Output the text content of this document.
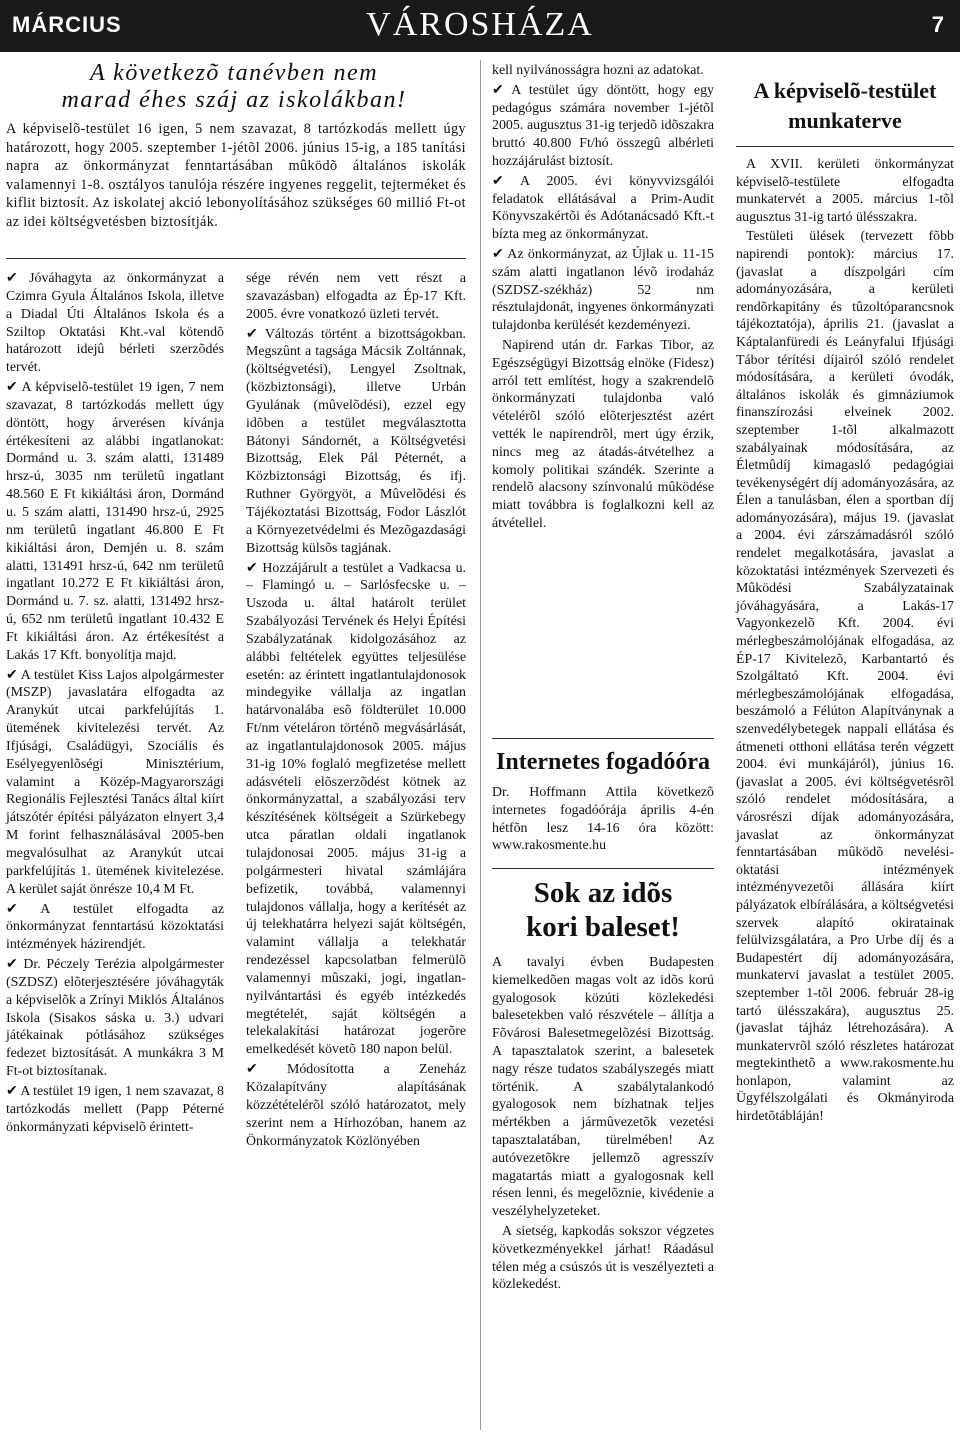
MÁRCIUS	VÁROSHÁZA	7
A következõ tanévben nem
marad éhes száj az iskolákban!

A képviselõ-testület 16 igen, 5 nem szavazat, 8 tartózkodás mellett úgy határozott, hogy 2005. szeptember 1-jétõl 2006. június 15-ig, a 185 tanítási napra az önkormányzat fenntartásában mûködõ általános iskolák valamennyi 1-8. osztályos tanulója részére ingyenes reggelit, tejterméket és kiflit biztosít. Az iskolatej akció lebonyolításához szükséges 60 millió Ft-ot az idei költségvetésben biztosítják.

✔ Jóváhagyta az önkormányzat a Czimra Gyula Általános Iskola, illetve a Diadal Úti Általános Iskola és a Sziltop Oktatási Kht.-val kötendõ határozott idejû bérleti szerzõdés tervét.

✔ A képviselõ-testület 19 igen, 7 nem szavazat, 8 tartózkodás mellett úgy döntött, hogy árverésen kívánja értékesíteni az alábbi ingatlanokat: Dormánd u. 3. szám alatti, 131489 hrsz-ú, 3035 nm területû ingatlant 48.560 E Ft kikiáltási áron, Dormánd u. 5 szám alatti, 131490 hrsz-ú, 2925 nm területû ingatlant 46.800 E Ft kikiáltási áron, Demjén u. 8. szám alatti, 131491 hrsz-ú, 642 nm területû ingatlant 10.272 E Ft kikiáltási áron, Dormánd u. 7. sz. alatti, 131492 hrsz-ú, 652 nm területû ingatlant 10.432 E Ft kikiáltási áron. Az értékesítést a Lakás 17 Kft. bonyolítja majd.

✔ A testület Kiss Lajos alpolgármester (MSZP) javaslatára elfogadta az Aranykút utcai parkfelújítás 1. ütemének kivitelezési tervét. Az Ifjúsági, Családügyi, Szociális és Esélyegyenlõségi Minisztérium, valamint a Közép-Magyarországi Regionális Fejlesztési Tanács által kiírt játszótér építési pályázaton elnyert 3,4 M forint felhasználásával 2005-ben megvalósulhat az Aranykút utcai parkfelújítás 1. ütemének kivitelezése. A kerület saját önrésze 10,4 M Ft.

✔ A testület elfogadta az önkormányzat fenntartású közoktatási intézmények házirendjét.

✔ Dr. Péczely Terézia alpolgármester (SZDSZ) elõterjesztésére jóváhagyták a képviselõk a Zrínyi Miklós Általános Iskola (Sisakos sáska u. 3.) udvari játékainak pótlásához szükséges fedezet biztosítását. A munkákra 3 M Ft-ot biztosítanak.

✔ A testület 19 igen, 1 nem szavazat, 8 tartózkodás mellett (Papp Péterné önkormányzati képviselõ érintett-

sége révén nem vett részt a szavazásban) elfogadta az Ép-17 Kft. 2005. évre vonatkozó üzleti tervét.

✔ Változás történt a bizottságokban. Megszûnt a tagsága Mácsik Zoltánnak, (költségvetési), Lengyel Zsoltnak, (közbiztonsági), illetve Urbán Gyulának (mûvelõdési), ezzel egy idõben a testület megválasztotta Bátonyi Sándornét, a Költségvetési Bizottság, Elek Pál Péternét, a Közbiztonsági Bizottság, és ifj. Ruthner Györgyöt, a Mûvelõdési és Tájékoztatási Bizottság, Fodor Lászlót a Környezetvédelmi és Mezõgazdasági Bizottság külsõs tagjának.

✔ Hozzájárult a testület a Vadkacsa u. – Flamingó u. – Sarlósfecske u. – Uszoda u. által határolt terület Szabályozási Tervének és Helyi Építési Szabályzatának kidolgozásához az alábbi feltételek együttes teljesülése esetén: az érintett ingatlantulajdonosok mindegyike vállalja az ingatlan határvonalába esõ földterület 10.000 Ft/nm vételáron történõ megvásárlását, az ingatlantulajdonosok 2005. május 31-ig 10% foglaló megfizetése mellett adásvételi elõszerzõdést kötnek az önkormányzattal, a szabályozási terv készítésének költségeit a Szürkebegy utca páratlan oldali ingatlanok tulajdonosai 2005. május 31-ig a polgármesteri hivatal számlájára befizetik, továbbá, valamennyi tulajdonos vállalja, hogy a kerítését az új telekhatárra helyezi saját költségén, valamint vállalja a telekhatár rendezéssel kapcsolatban felmerülõ valamennyi mûszaki, jogi, ingatlan-nyilvántartási és egyéb intézkedés megtételét, saját költségén a telekalakítási határozat jogerõre emelkedését követõ 180 napon belül.

✔ Módosította a Zeneház Közalapítvány alapításának közzétételérõl szóló határozatot, mely szerint nem a Hírhozóban, hanem az Önkormányzatok Közlönyében

kell nyilvánosságra hozni az adatokat.

✔ A testület úgy döntött, hogy egy pedagógus számára november 1-jétõl 2005. augusztus 31-ig terjedõ idõszakra bruttó 40.800 Ft/hó összegû albérleti hozzájárulást biztosít.

✔ A 2005. évi könyvvizsgálói feladatok ellátásával a Prim-Audit Könyvszakértõi és Adótanácsadó Kft.-t bízta meg az önkormányzat.

✔ Az önkormányzat, az Újlak u. 11-15 szám alatti ingatlanon lévõ irodaház (SZDSZ-székház) 52 nm résztulajdonát, ingyenes önkormányzati tulajdonba kerülését kezdeményezi.

Napirend után dr. Farkas Tibor, az Egészségügyi Bizottság elnöke (Fidesz) arról tett említést, hogy a szakrendelõ önkormányzati tulajdonba való vételérõl szóló elõterjesztést azért vették le napirendrõl, mert úgy érzik, nincs meg az átadás-átvételhez a komoly politikai szándék. Szerinte a rendelõ alacsony színvonalú mûködése miatt továbbra is foglalkozni kell az átvétellel.

Internetes fogadóóra

Dr. Hoffmann Attila következõ internetes fogadóórája április 4-én hétfõn lesz 14-16 óra között: www.rakosmente.hu

Sok az idõs
kori baleset!

A tavalyi évben Budapesten kiemelkedõen magas volt az idõs korú gyalogosok közúti közlekedési balesetekben való részvétele – állítja a Fõvárosi Balesetmegelõzési Bizottság. A tapasztalatok szerint, a balesetek nagy része tudatos szabályszegés miatt történik. A szabálytalankodó gyalogosok nem bízhatnak teljes mértékben a jármûvezetõk vezetési tapasztalatában, türelmében! Az autóvezetõkre jellemzõ agresszív magatartás miatt a gyalogosnak kell résen lenni, és megelõznie, kivédenie a veszélyhelyzeteket.

A sietség, kapkodás sokszor végzetes következményekkel járhat! Ráadásul télen még a csúszós út is veszélyezteti a közlekedést.

A képviselõ-testület
munkaterve

A XVII. kerületi önkormányzat képviselõ-testülete elfogadta munkatervét a 2005. március 1-tõl augusztus 31-ig tartó ülésszakra.

Testületi ülések (tervezett fõbb napirendi pontok): március 17. (javaslat a díszpolgári cím adományozására, a kerületi rendõrkapitány és tûzoltóparancsnok tájékoztatója), április 21. (javaslat a Káptalanfüredi és Leányfalui Ifjúsági Tábor térítési díjairól szóló rendelet módosítására, a kerületi óvodák, általános iskolák és gimnáziumok finanszírozási elveinek 2002. szeptember 1-tõl alkalmazott szabályainak módosítására, az Életmûdíj kimagasló pedagógiai tevékenységért díj adományozására, az Élen a tanulásban, élen a sportban díj adományozására), május 19. (javaslat a 2004. évi zárszámadásról szóló rendelet megalkotására, javaslat a közoktatási intézmények Szervezeti és Mûködési Szabályzatainak jóváhagyására, a Lakás-17 Vagyonkezelõ Kft. 2004. évi mérlegbeszámolójának elfogadása, az ÉP-17 Kivitelezõ, Karbantartó és Szolgáltató Kft. 2004. évi mérlegbeszámolójának elfogadása, beszámoló a Félúton Alapítványnak a szenvedélybetegek nappali ellátása és átmeneti otthoni ellátása terén végzett 2004. évi munkájáról), június 16. (javaslat a 2005. évi költségvetésrõl szóló rendelet módosítására, a városrészi díjak adományozására, javaslat az önkormányzat fenntartásában mûködõ nevelési-oktatási intézmények intézményvezetõi állására kiírt pályázatok elbírálására, a költségvetési szervek alapító okiratainak felülvizsgálatára, a Pro Urbe díj és a Budapestért díj adományozására, munkatervi javaslat a testület 2005. szeptember 1-tõl 2006. február 28-ig tartó ülésszakára), augusztus 25. (javaslat tájház létrehozására). A munkatervrõl szóló részletes határozat megtekinthetõ a www.rakosmente.hu honlapon, valamint az Ügyfélszolgálati és Okmányiroda hirdetõtábláján!
